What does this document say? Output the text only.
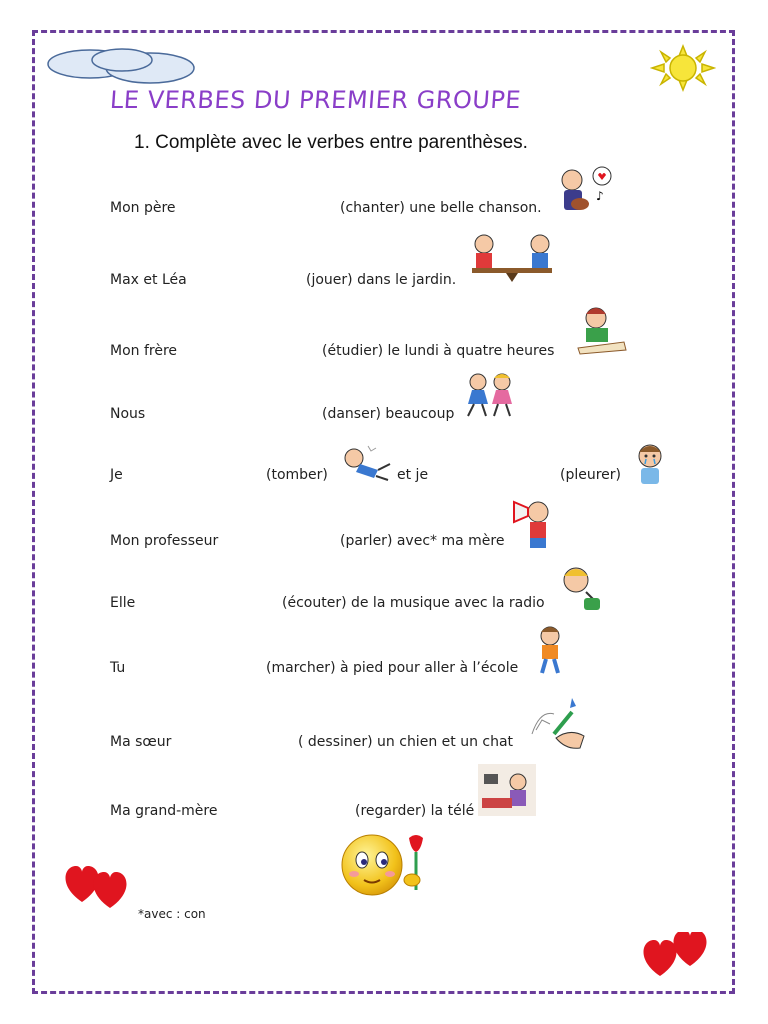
LE VERBES DU PREMIER GROUPE
1. Complète avec le verbes entre parenthèses.
Mon père	(chanter) une belle chanson.
♪
Max et Léa	(jouer) dans le jardin.
Mon frère	(étudier) le lundi à quatre heures
Nous	(danser) beaucoup
Je	(tomber)	et je	(pleurer)
Mon professeur	(parler) avec* ma mère
Elle	(écouter) de la musique avec la radio
Tu	(marcher) à pied pour aller à l’école
Ma sœur	( dessiner) un chien et un chat
Ma grand-mère	(regarder) la télé
*avec : con
